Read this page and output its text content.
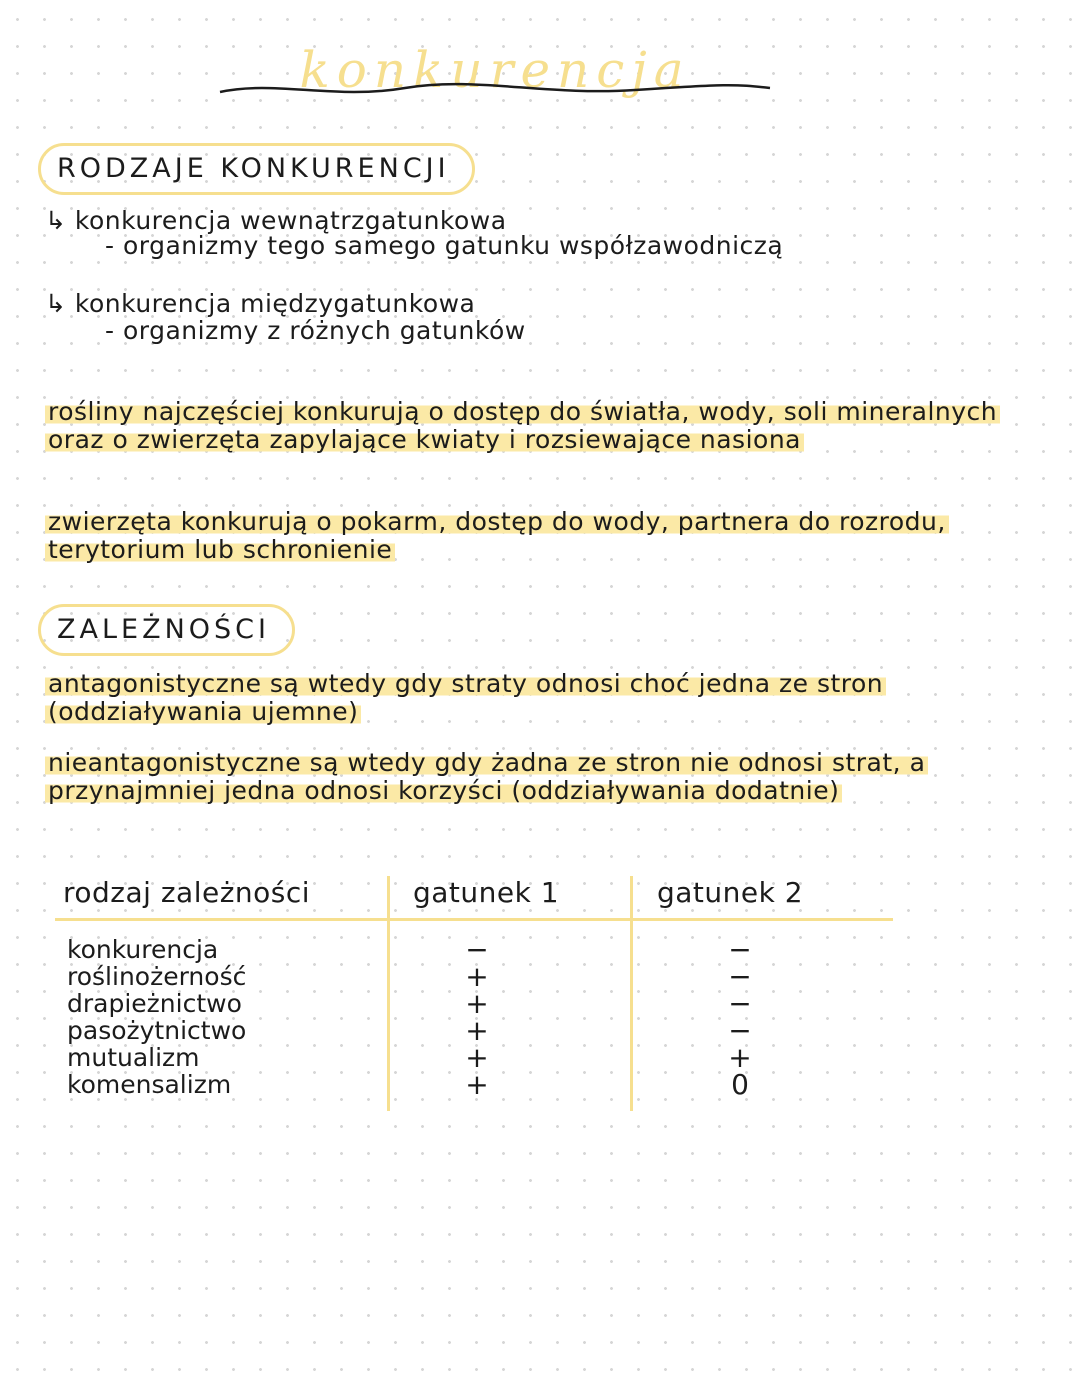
konkurencja
RODZAJE KONKURENCJI
↳ konkurencja wewnątrzgatunkowa
- organizmy tego samego gatunku współzawodniczą
↳ konkurencja międzygatunkowa
- organizmy z różnych gatunków
rośliny najczęściej konkurują o dostęp do światła, wody, soli mineralnych oraz o zwierzęta zapylające kwiaty i rozsiewające nasiona
zwierzęta konkurują o pokarm, dostęp do wody, partnera do rozrodu, terytorium lub schronienie
ZALEŻNOŚCI
antagonistyczne są wtedy gdy straty odnosi choć jedna ze stron (oddziaływania ujemne)
nieantagonistyczne są wtedy gdy żadna ze stron nie odnosi strat, a przynajmniej jedna odnosi korzyści (oddziaływania dodatnie)
rodzaj zależności	gatunek 1	gatunek 2
konkurencja	−	−
roślinożerność	+	−
drapieżnictwo	+	−
pasożytnictwo	+	−
mutualizm	+	+
komensalizm	+	0
